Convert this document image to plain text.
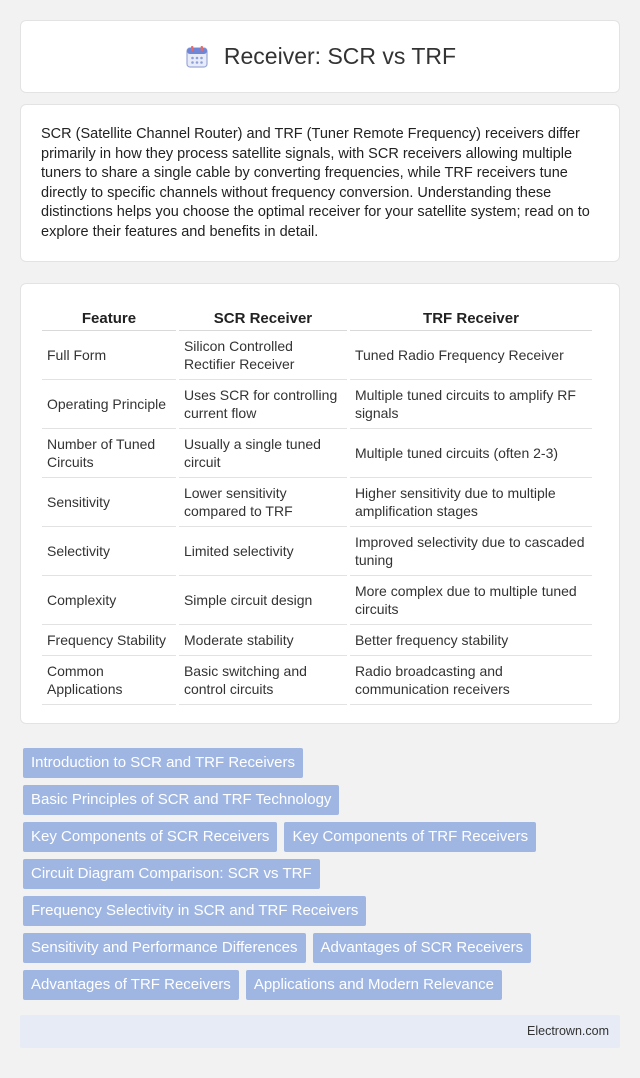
Receiver: SCR vs TRF

SCR (Satellite Channel Router) and TRF (Tuner Remote Frequency) receivers differ primarily in how they process satellite signals, with SCR receivers allowing multiple tuners to share a single cable by converting frequencies, while TRF receivers tune directly to specific channels without frequency conversion. Understanding these distinctions helps you choose the optimal receiver for your satellite system; read on to explore their features and benefits in detail.

Feature	SCR Receiver	TRF Receiver
Full Form	Silicon Controlled Rectifier Receiver	Tuned Radio Frequency Receiver
Operating Principle	Uses SCR for controlling current flow	Multiple tuned circuits to amplify RF signals
Number of Tuned Circuits	Usually a single tuned circuit	Multiple tuned circuits (often 2-3)
Sensitivity	Lower sensitivity compared to TRF	Higher sensitivity due to multiple amplification stages
Selectivity	Limited selectivity	Improved selectivity due to cascaded tuning
Complexity	Simple circuit design	More complex due to multiple tuned circuits
Frequency Stability	Moderate stability	Better frequency stability
Common Applications	Basic switching and control circuits	Radio broadcasting and communication receivers
Introduction to SCR and TRF Receivers
Basic Principles of SCR and TRF Technology
Key Components of SCR Receivers	Key Components of TRF Receivers
Circuit Diagram Comparison: SCR vs TRF
Frequency Selectivity in SCR and TRF Receivers
Sensitivity and Performance Differences	Advantages of SCR Receivers
Advantages of TRF Receivers	Applications and Modern Relevance
Electrown.com
